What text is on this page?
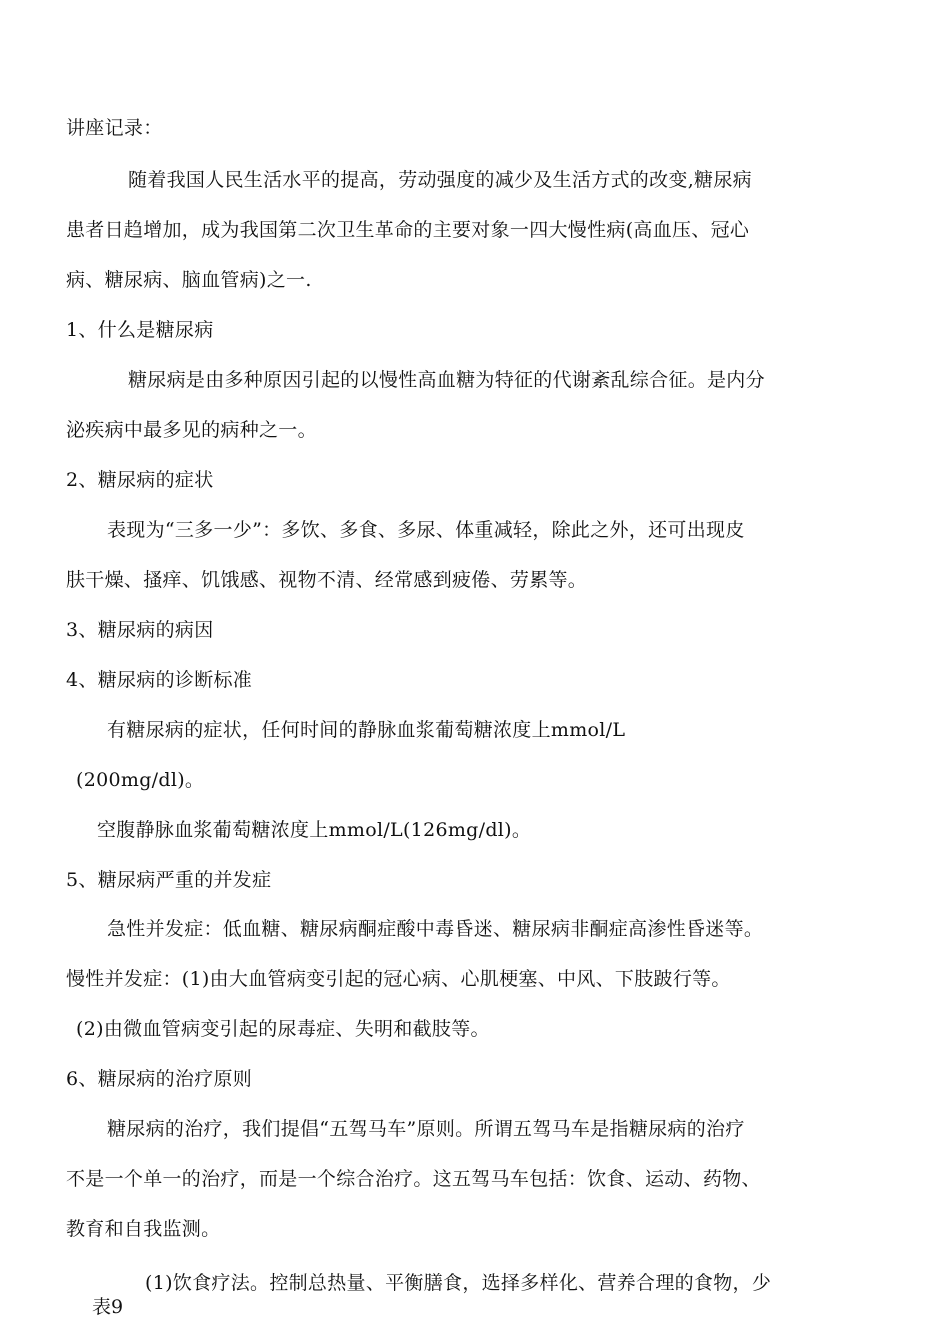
讲座记录：
随着我国人民生活水平的提高，劳动强度的减少及生活方式的改变,糖尿病
患者日趋增加，成为我国第二次卫生革命的主要对象一四大慢性病(高血压、冠心
病、糖尿病、脑血管病)之一.
1、什么是糖尿病
糖尿病是由多种原因引起的以慢性高血糖为特征的代谢紊乱综合征。是内分
泌疾病中最多见的病种之一。
2、糖尿病的症状
表现为“三多一少”：多饮、多食、多尿、体重减轻，除此之外，还可出现皮
肤干燥、搔痒、饥饿感、视物不清、经常感到疲倦、劳累等。
3、糖尿病的病因
4、糖尿病的诊断标准
有糖尿病的症状，任何时间的静脉血浆葡萄糖浓度上mmol/L
(200mg/dl)。
空腹静脉血浆葡萄糖浓度上mmol/L(126mg/dl)。
5、糖尿病严重的并发症
急性并发症：低血糖、糖尿病酮症酸中毒昏迷、糖尿病非酮症高渗性昏迷等。
慢性并发症：(1)由大血管病变引起的冠心病、心肌梗塞、中风、下肢跛行等。
(2)由微血管病变引起的尿毒症、失明和截肢等。
6、糖尿病的治疗原则
糖尿病的治疗，我们提倡“五驾马车”原则。所谓五驾马车是指糖尿病的治疗
不是一个单一的治疗，而是一个综合治疗。这五驾马车包括：饮食、运动、药物、
教育和自我监测。
(1)饮食疗法。控制总热量、平衡膳食，选择多样化、营养合理的食物，少
表9
